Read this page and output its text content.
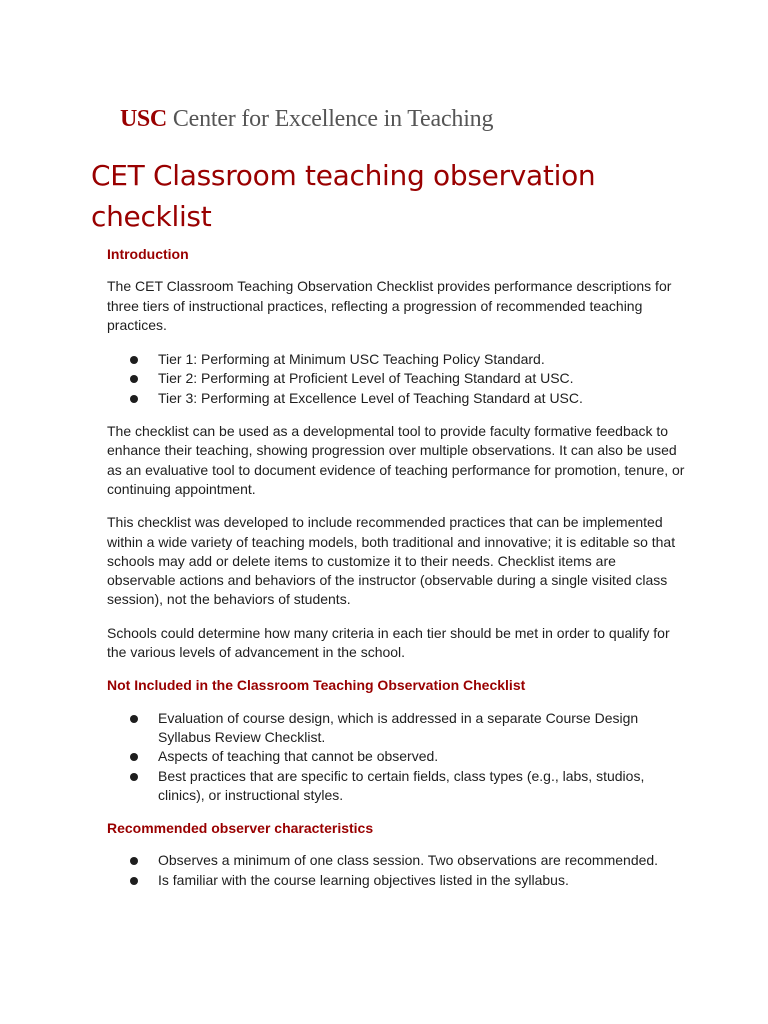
USC Center for Excellence in Teaching
CET Classroom teaching observation checklist
Introduction

The CET Classroom Teaching Observation Checklist provides performance descriptions for three tiers of instructional practices, reflecting a progression of recommended teaching practices.

Tier 1: Performing at Minimum USC Teaching Policy Standard.
Tier 2: Performing at Proficient Level of Teaching Standard at USC.
Tier 3: Performing at Excellence Level of Teaching Standard at USC.

The checklist can be used as a developmental tool to provide faculty formative feedback to enhance their teaching, showing progression over multiple observations. It can also be used as an evaluative tool to document evidence of teaching performance for promotion, tenure, or continuing appointment.

This checklist was developed to include recommended practices that can be implemented within a wide variety of teaching models, both traditional and innovative; it is editable so that schools may add or delete items to customize it to their needs. Checklist items are observable actions and behaviors of the instructor (observable during a single visited class session), not the behaviors of students.

Schools could determine how many criteria in each tier should be met in order to qualify for the various levels of advancement in the school.

Not Included in the Classroom Teaching Observation Checklist
Evaluation of course design, which is addressed in a separate Course Design Syllabus Review Checklist.
Aspects of teaching that cannot be observed.
Best practices that are specific to certain fields, class types (e.g., labs, studios, clinics), or instructional styles.
Recommended observer characteristics
Observes a minimum of one class session. Two observations are recommended.
Is familiar with the course learning objectives listed in the syllabus.
